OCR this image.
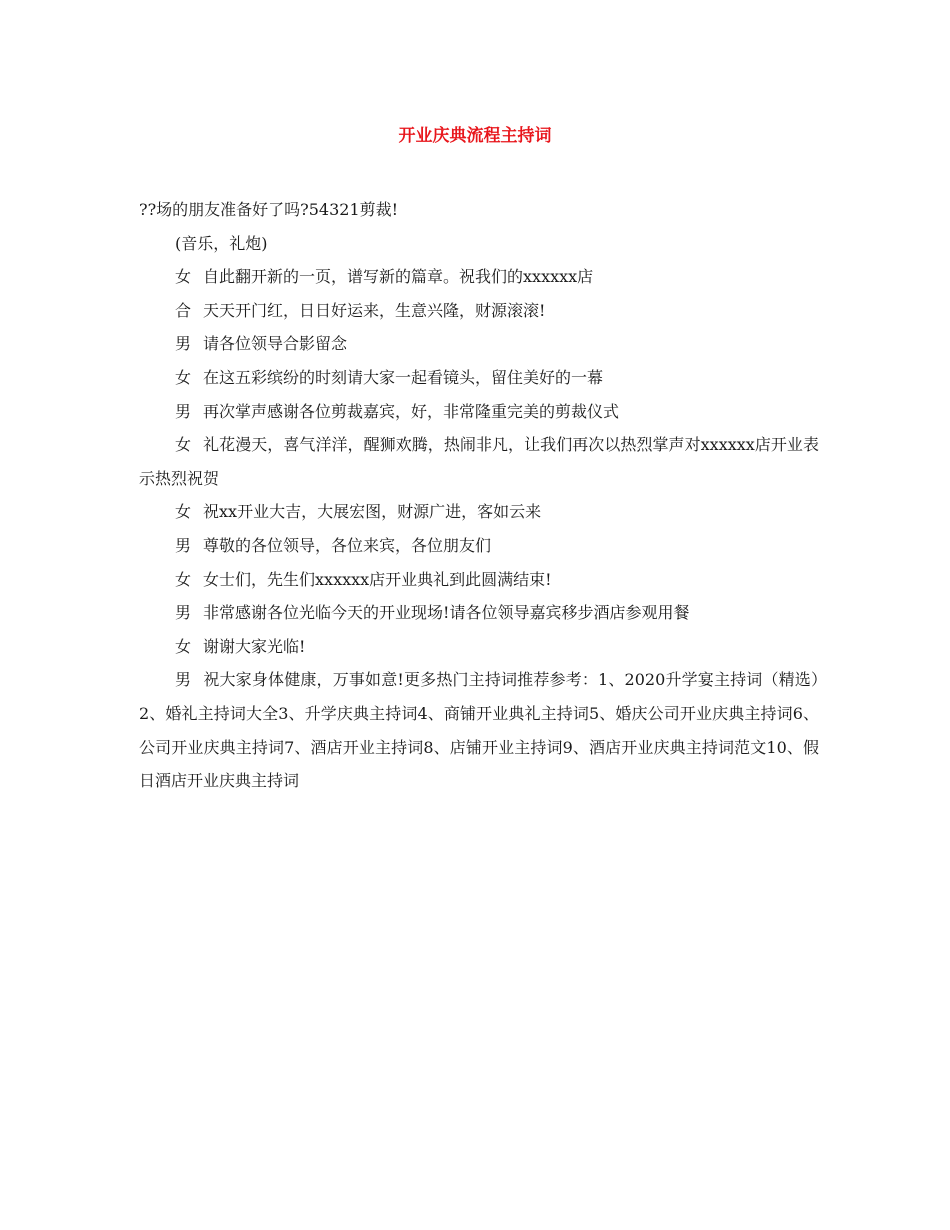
开业庆典流程主持词

??场的朋友准备好了吗?54321剪裁!

(音乐，礼炮)

女 自此翻开新的一页，谱写新的篇章。祝我们的xxxxxx店

合 天天开门红，日日好运来，生意兴隆，财源滚滚!

男 请各位领导合影留念

女 在这五彩缤纷的时刻请大家一起看镜头，留住美好的一幕

男 再次掌声感谢各位剪裁嘉宾，好，非常隆重完美的剪裁仪式

女 礼花漫天，喜气洋洋，醒狮欢腾，热闹非凡，让我们再次以热烈掌声对xxxxxx店开业表示热烈祝贺

女 祝xx开业大吉，大展宏图，财源广进，客如云来

男 尊敬的各位领导，各位来宾，各位朋友们

女 女士们，先生们xxxxxx店开业典礼到此圆满结束!

男 非常感谢各位光临今天的开业现场!请各位领导嘉宾移步酒店参观用餐

女 谢谢大家光临!

男 祝大家身体健康，万事如意!更多热门主持词推荐参考：1、2020升学宴主持词（精选）2、婚礼主持词大全3、升学庆典主持词4、商铺开业典礼主持词5、婚庆公司开业庆典主持词6、公司开业庆典主持词7、酒店开业主持词8、店铺开业主持词9、酒店开业庆典主持词范文10、假日酒店开业庆典主持词
